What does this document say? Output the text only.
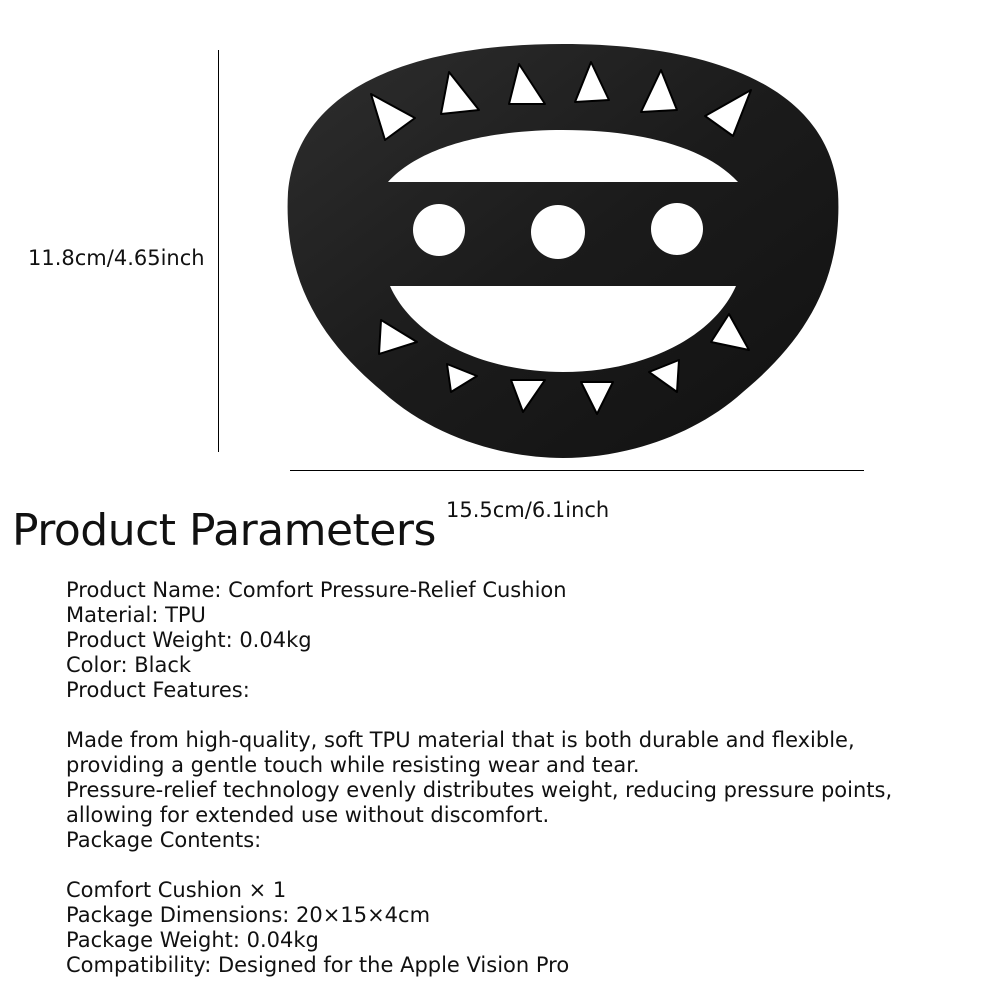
11.8cm/4.65inch
15.5cm/6.1inch
Product Parameters
Product Name: Comfort Pressure-Relief Cushion
Material: TPU
Product Weight: 0.04kg
Color: Black
Product Features:
Made from high-quality, soft TPU material that is both durable and flexible,
providing a gentle touch while resisting wear and tear.
Pressure-relief technology evenly distributes weight, reducing pressure points,
allowing for extended use without discomfort.
Package Contents:
Comfort Cushion × 1
Package Dimensions: 20×15×4cm
Package Weight: 0.04kg
Compatibility: Designed for the Apple Vision Pro
